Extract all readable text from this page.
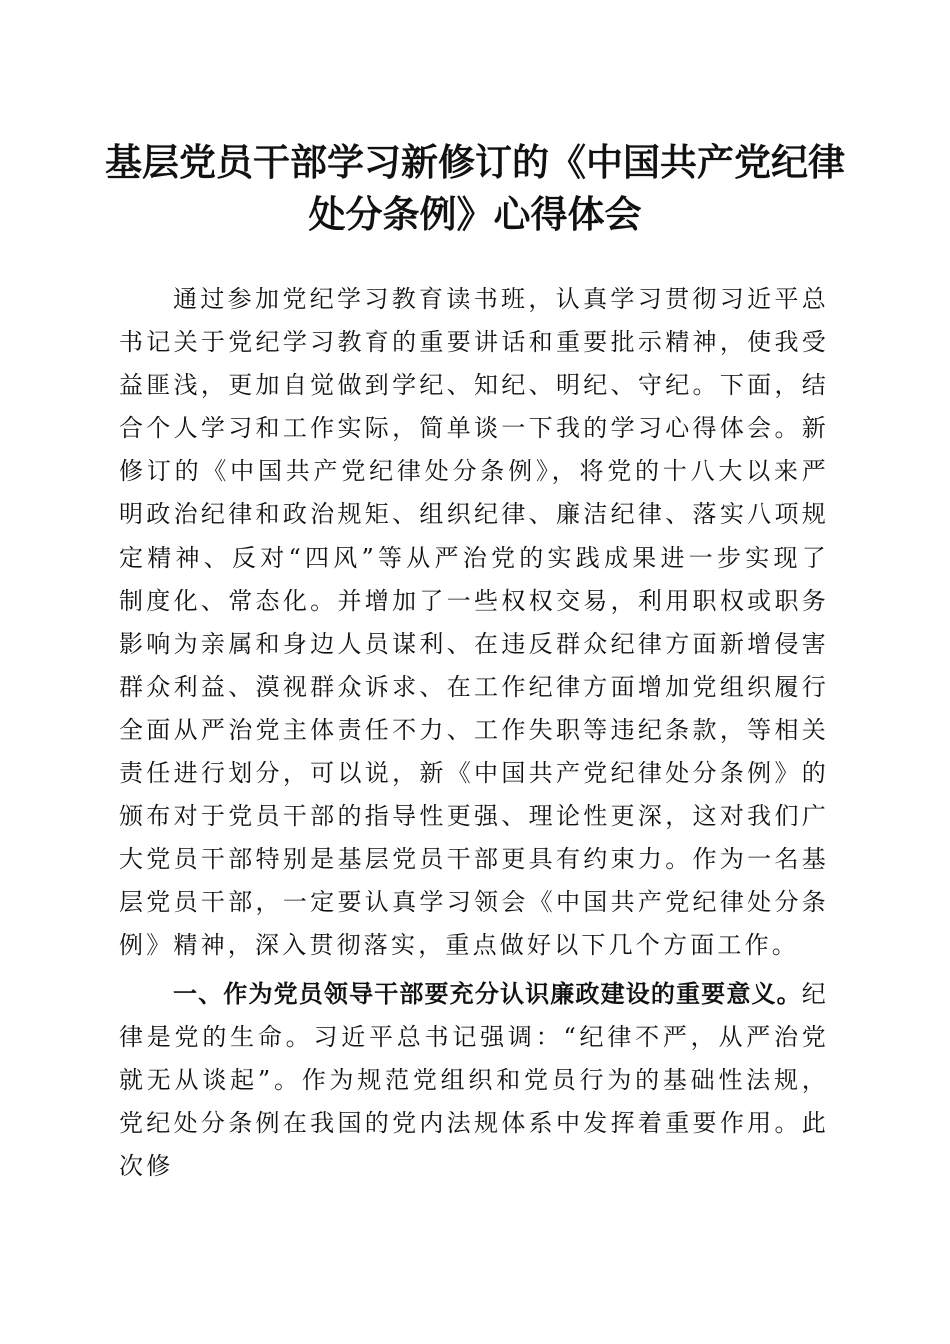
基层党员干部学习新修订的《中国共产党纪律
处分条例》心得体会

通过参加党纪学习教育读书班，认真学习贯彻习近平总书记关于党纪学习教育的重要讲话和重要批示精神，使我受益匪浅，更加自觉做到学纪、知纪、明纪、守纪。下面，结合个人学习和工作实际，简单谈一下我的学习心得体会。新修订的《中国共产党纪律处分条例》，将党的十八大以来严明政治纪律和政治规矩、组织纪律、廉洁纪律、落实八项规定精神、反对“四风”等从严治党的实践成果进一步实现了制度化、常态化。并增加了一些权权交易，利用职权或职务影响为亲属和身边人员谋利、在违反群众纪律方面新增侵害群众利益、漠视群众诉求、在工作纪律方面增加党组织履行全面从严治党主体责任不力、工作失职等违纪条款，等相关责任进行划分，可以说，新《中国共产党纪律处分条例》的颁布对于党员干部的指导性更强、理论性更深，这对我们广大党员干部特别是基层党员干部更具有约束力。作为一名基层党员干部，一定要认真学习领会《中国共产党纪律处分条例》精神，深入贯彻落实，重点做好以下几个方面工作。

一、作为党员领导干部要充分认识廉政建设的重要意义。纪律是党的生命。习近平总书记强调：“纪律不严，从严治党就无从谈起”。作为规范党组织和党员行为的基础性法规，党纪处分条例在我国的党内法规体系中发挥着重要作用。此次修
